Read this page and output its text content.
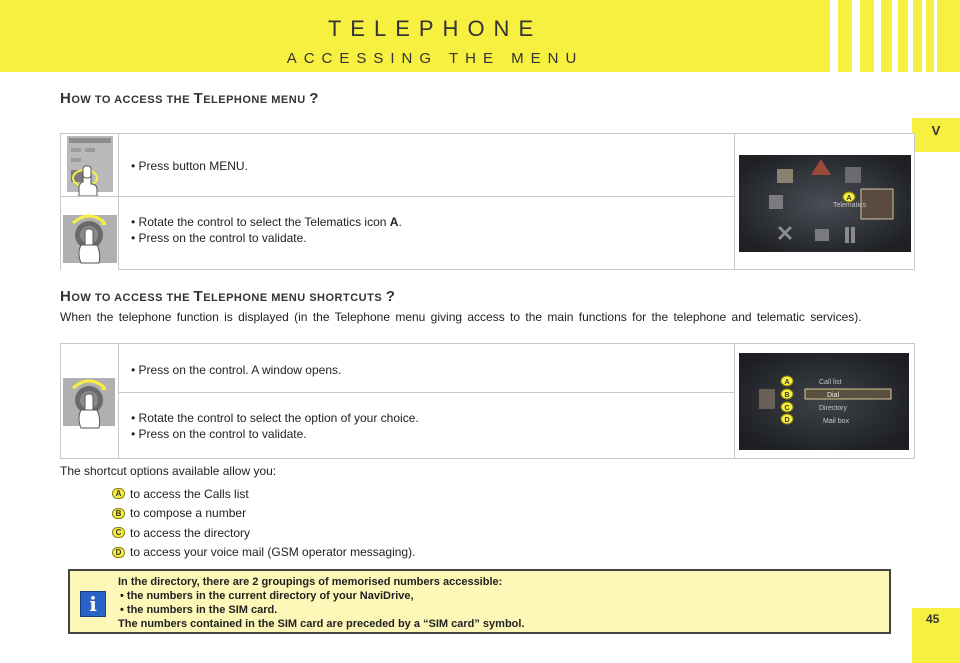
TELEPHONE
ACCESSING THE MENU
V
45
HOW TO ACCESS THE TELEPHONE MENU ?
• Press button MENU.
• Rotate the control to select the Telematics icon A.
• Press on the control to validate.
Telematics
A
HOW TO ACCESS THE TELEPHONE MENU SHORTCUTS ?
When the telephone function is displayed (in the Telephone menu giving access to the main functions for the telephone and telematic services).
• Press on the control. A window opens.
• Rotate the control to select the option of your choice.
• Press on the control to validate.
Call list
Dial
Directory
Mail box
A
B
C
D
The shortcut options available allow you:
A to access the Calls list
B to compose a number
C to access the directory
D to access your voice mail (GSM operator messaging).
i
In the directory, there are 2 groupings of memorised numbers accessible:
• the numbers in the current directory of your NaviDrive,
• the numbers in the SIM card.
The numbers contained in the SIM card are preceded by a “SIM card” symbol.
